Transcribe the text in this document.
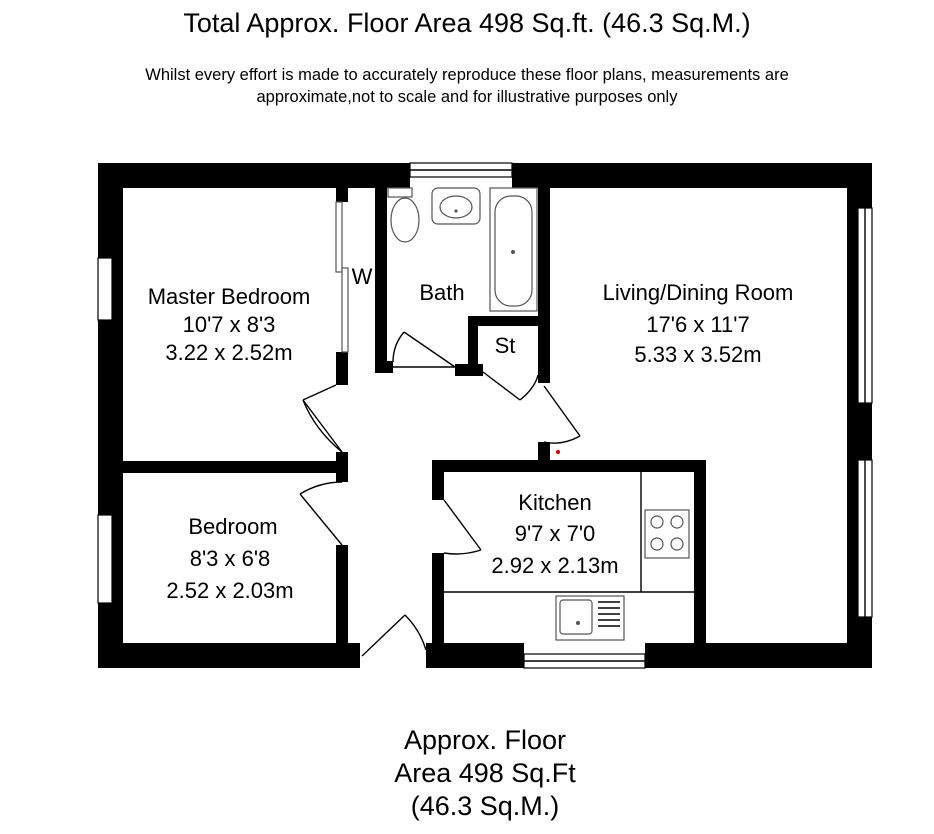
Total Approx. Floor Area 498 Sq.ft. (46.3 Sq.M.)
Whilst every effort is made to accurately reproduce these floor plans, measurements are
approximate,not to scale and for illustrative purposes only
Master Bedroom
10'7 x 8'3
3.22 x 2.52m
W
Bath
St
Living/Dining Room
17'6 x 11'7
5.33 x 3.52m
Bedroom
8'3 x 6'8
2.52 x 2.03m
Kitchen
9'7 x 7'0
2.92 x 2.13m
Approx. Floor
Area 498 Sq.Ft
(46.3 Sq.M.)
